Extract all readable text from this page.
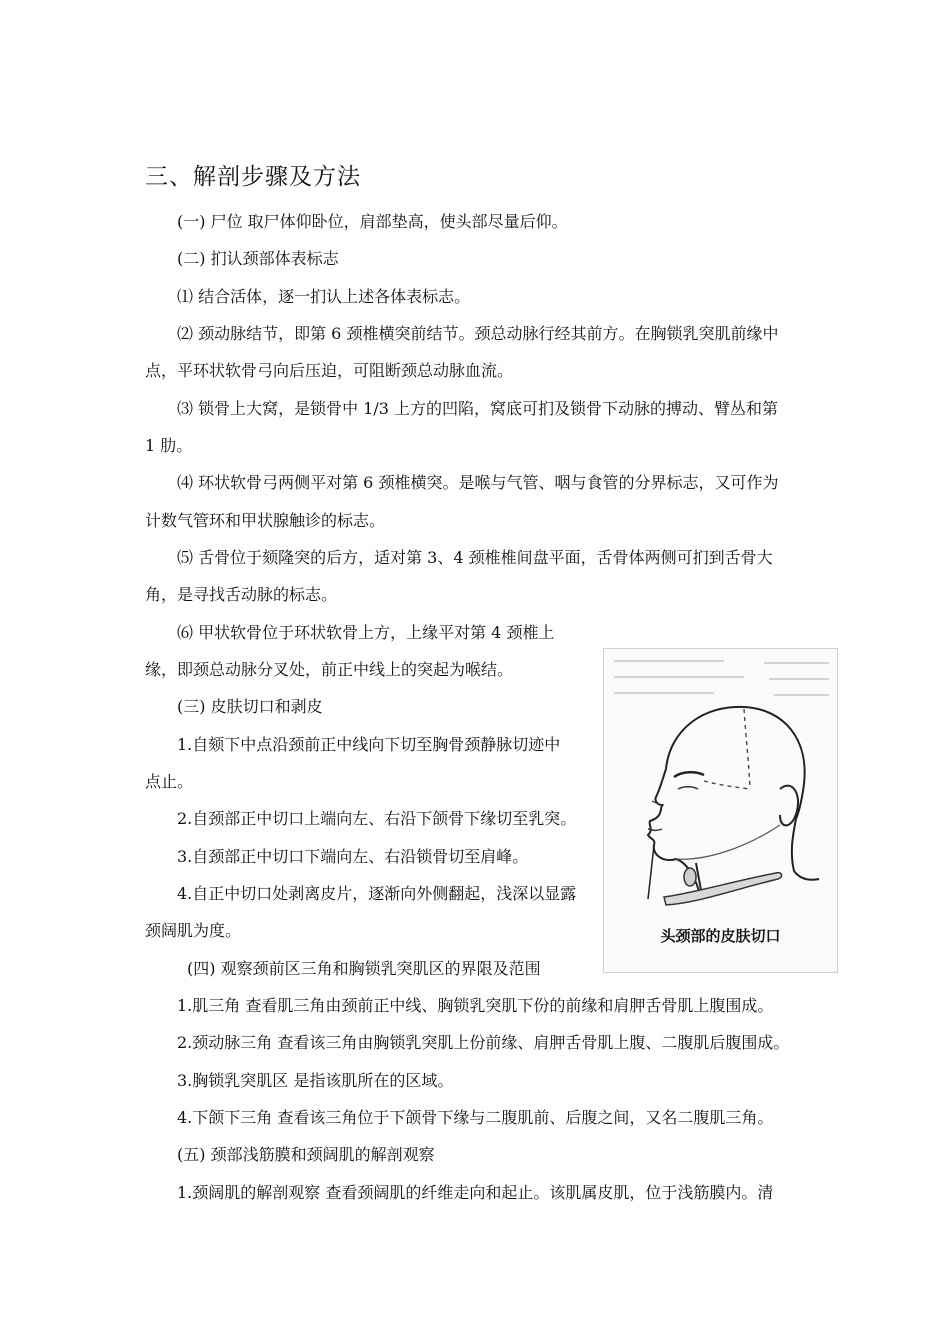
三、解剖步骤及方法
(一) 尸位 取尸体仰卧位，肩部垫高，使头部尽量后仰。
(二) 扪认颈部体表标志
⑴ 结合活体，逐一扪认上述各体表标志。
⑵ 颈动脉结节，即第 6 颈椎横突前结节。颈总动脉行经其前方。在胸锁乳突肌前缘中
点，平环状软骨弓向后压迫，可阻断颈总动脉血流。
⑶ 锁骨上大窝，是锁骨中 1/3 上方的凹陷，窝底可扪及锁骨下动脉的搏动、臂丛和第
1 肋。
⑷ 环状软骨弓两侧平对第 6 颈椎横突。是喉与气管、咽与食管的分界标志，又可作为
计数气管环和甲状腺触诊的标志。
⑸ 舌骨位于颏隆突的后方，适对第 3、4 颈椎椎间盘平面，舌骨体两侧可扪到舌骨大
角，是寻找舌动脉的标志。
⑹ 甲状软骨位于环状软骨上方，上缘平对第 4 颈椎上
缘，即颈总动脉分叉处，前正中线上的突起为喉结。
(三) 皮肤切口和剥皮
1.自颏下中点沿颈前正中线向下切至胸骨颈静脉切迹中
点止。
2.自颈部正中切口上端向左、右沿下颌骨下缘切至乳突。
3.自颈部正中切口下端向左、右沿锁骨切至肩峰。
4.自正中切口处剥离皮片，逐渐向外侧翻起，浅深以显露
颈阔肌为度。
(四) 观察颈前区三角和胸锁乳突肌区的界限及范围
1.肌三角 查看肌三角由颈前正中线、胸锁乳突肌下份的前缘和肩胛舌骨肌上腹围成。
2.颈动脉三角 查看该三角由胸锁乳突肌上份前缘、肩胛舌骨肌上腹、二腹肌后腹围成。
3.胸锁乳突肌区 是指该肌所在的区域。
4.下颌下三角 查看该三角位于下颌骨下缘与二腹肌前、后腹之间，又名二腹肌三角。
(五) 颈部浅筋膜和颈阔肌的解剖观察
1.颈阔肌的解剖观察 查看颈阔肌的纤维走向和起止。该肌属皮肌，位于浅筋膜内。清
头颈部的皮肤切口
